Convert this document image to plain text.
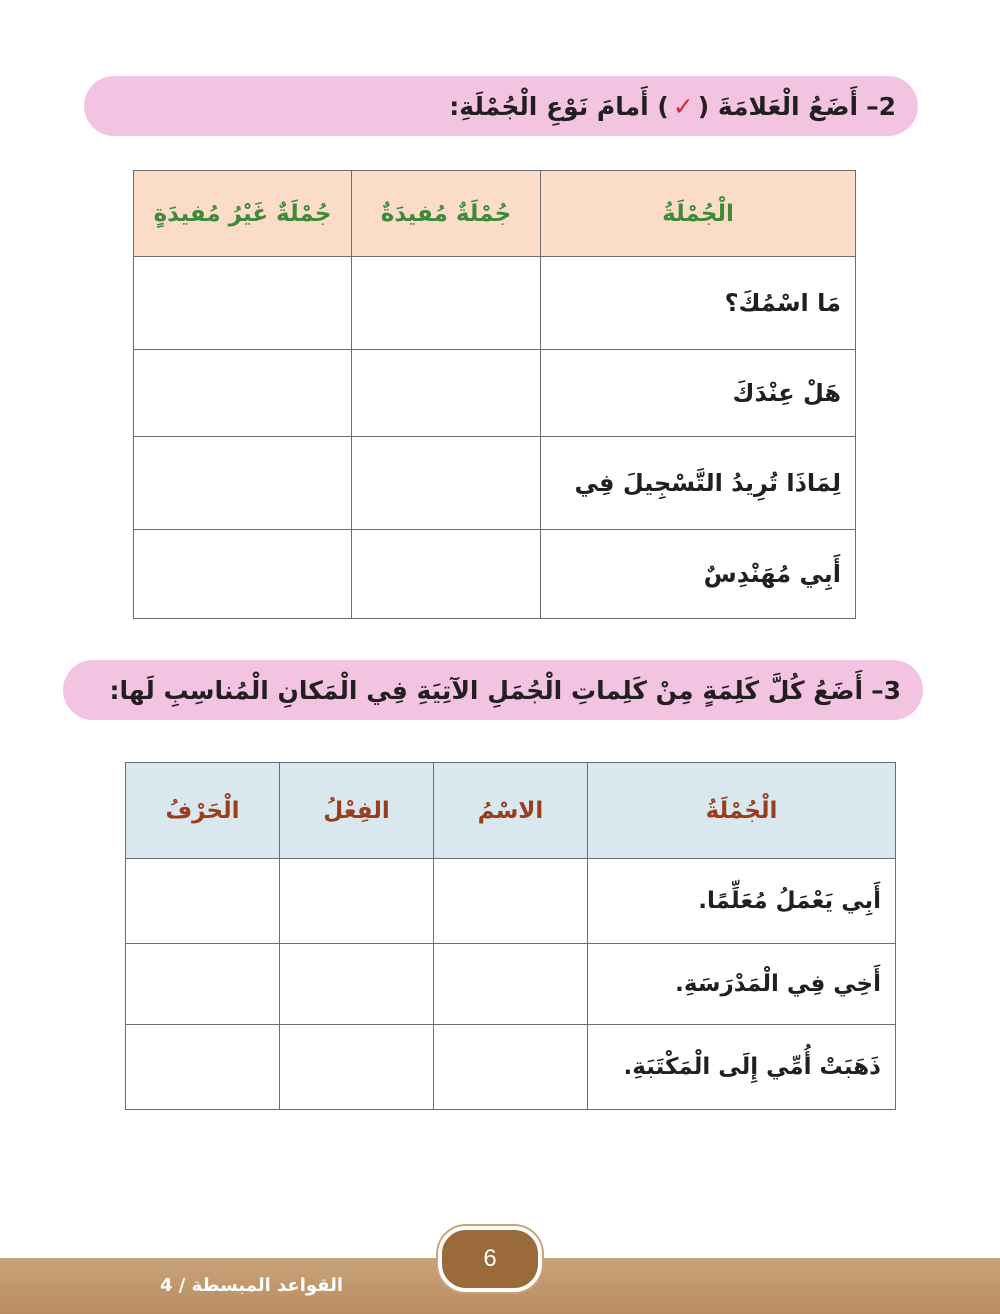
2–
أَضَعُ الْعَلامَةَ (
✓
) أَمامَ نَوْعِ الْجُمْلَةِ:
الْجُمْلَةُ	جُمْلَةٌ مُفيدَةٌ	جُمْلَةٌ غَيْرُ مُفيدَةٍ
مَا اسْمُكَ؟		
هَلْ عِنْدَكَ		
لِمَاذَا تُرِيدُ التَّسْجِيلَ فِي		
أَبِي مُهَنْدِسٌ		
3–
أَضَعُ كُلَّ كَلِمَةٍ مِنْ كَلِماتِ الْجُمَلِ الآتِيَةِ فِي الْمَكانِ الْمُناسِبِ لَها:
الْجُمْلَةُ	الاسْمُ	الفِعْلُ	الْحَرْفُ
أَبِي يَعْمَلُ مُعَلِّمًا.			
أَخِي فِي الْمَدْرَسَةِ.			
ذَهَبَتْ أُمِّي إِلَى الْمَكْتَبَةِ.			
القواعد المبسطة / 4
6
